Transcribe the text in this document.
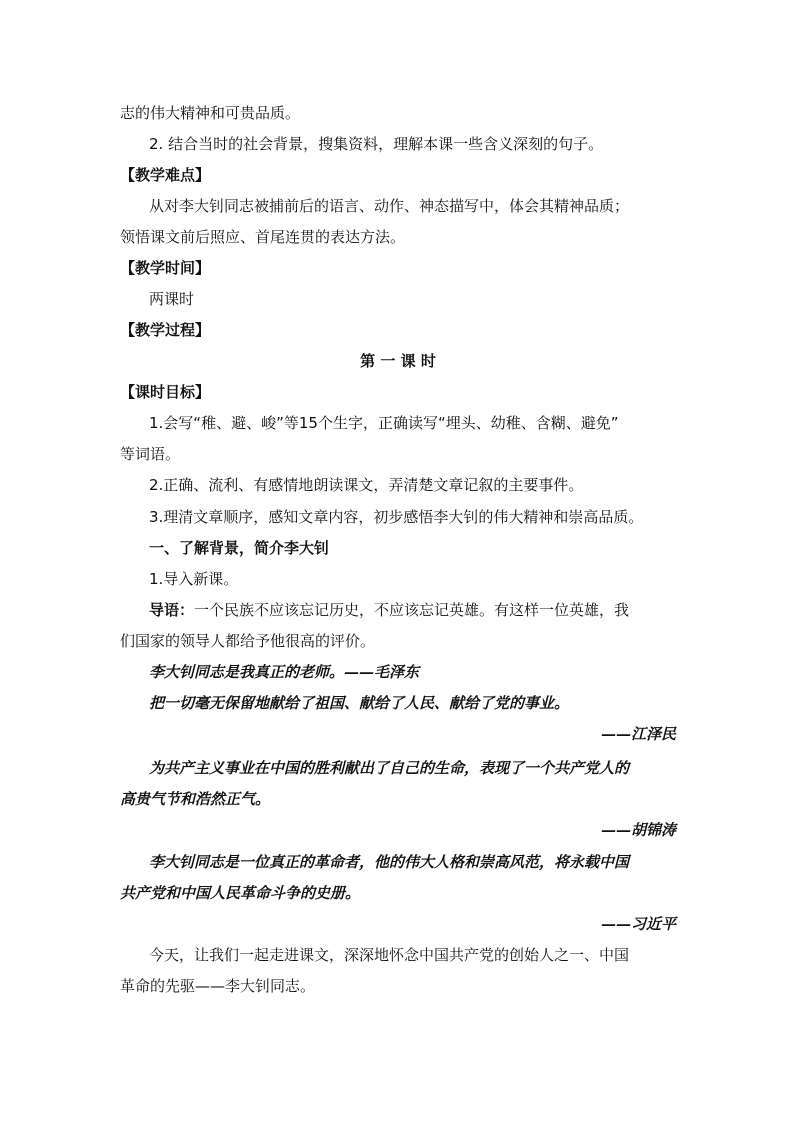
志的伟大精神和可贵品质。
2. 结合当时的社会背景，搜集资料，理解本课一些含义深刻的句子。
【教学难点】
从对李大钊同志被捕前后的语言、动作、神态描写中，体会其精神品质；
领悟课文前后照应、首尾连贯的表达方法。
【教学时间】
两课时
【教学过程】
第 一 课 时
【课时目标】
1.会写“稚、避、峻”等15个生字，正确读写“埋头、幼稚、含糊、避免”
等词语。
2.正确、流利、有感情地朗读课文，弄清楚文章记叙的主要事件。
3.理清文章顺序，感知文章内容，初步感悟李大钊的伟大精神和崇高品质。
一、了解背景，简介李大钊
1.导入新课。
导语：一个民族不应该忘记历史，不应该忘记英雄。有这样一位英雄，我
们国家的领导人都给予他很高的评价。
李大钊同志是我真正的老师。——毛泽东
把一切毫无保留地献给了祖国、献给了人民、献给了党的事业。
——江泽民
为共产主义事业在中国的胜利献出了自己的生命，表现了一个共产党人的
高贵气节和浩然正气。
——胡锦涛
李大钊同志是一位真正的革命者，他的伟大人格和崇高风范，将永载中国
共产党和中国人民革命斗争的史册。
——习近平
今天，让我们一起走进课文，深深地怀念中国共产党的创始人之一、中国
革命的先驱——李大钊同志。
